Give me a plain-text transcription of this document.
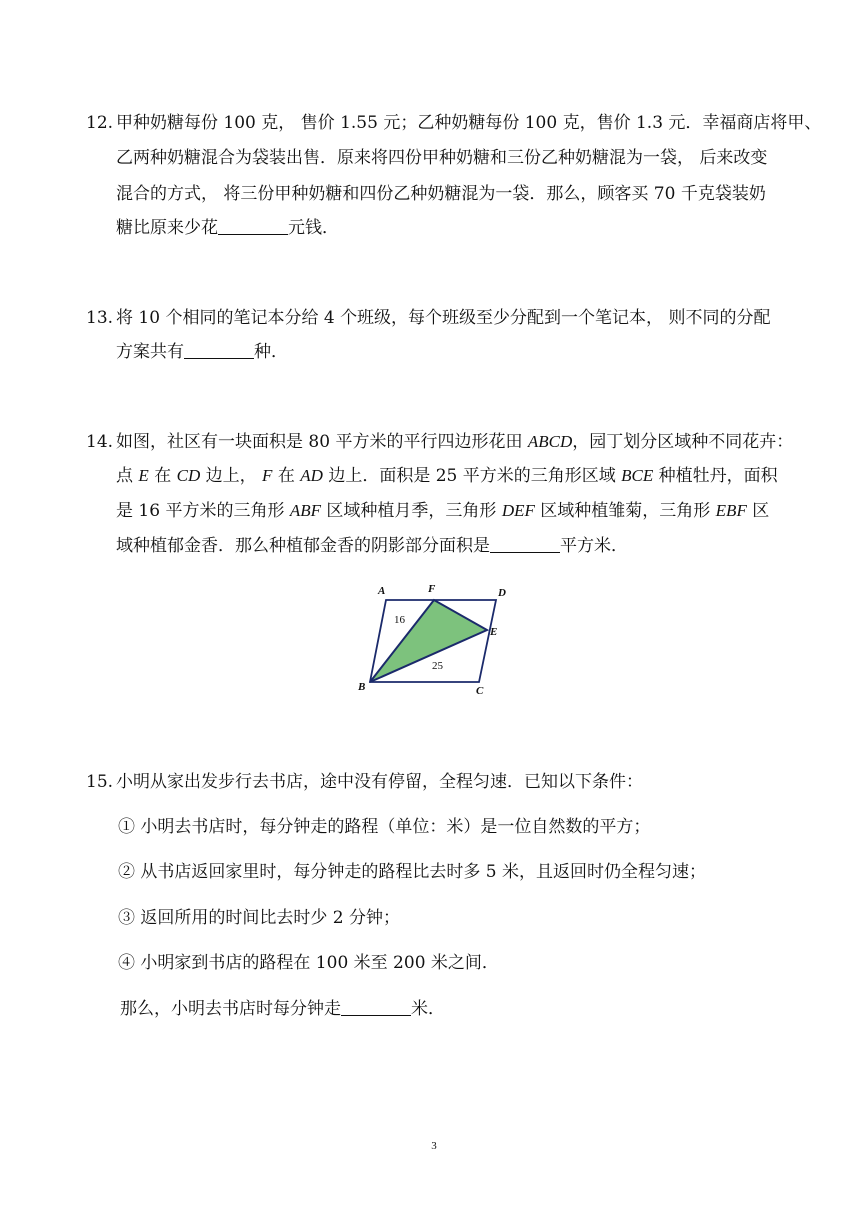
12. 甲种奶糖每份 100 克， 售价 1.55 元；乙种奶糖每份 100 克，售价 1.3 元．幸福商店将甲、
乙两种奶糖混合为袋装出售．原来将四份甲种奶糖和三份乙种奶糖混为一袋， 后来改变
混合的方式， 将三份甲种奶糖和四份乙种奶糖混为一袋．那么，顾客买 70 千克袋装奶
糖比原来少花	元钱．
13. 将 10 个相同的笔记本分给 4 个班级，每个班级至少分配到一个笔记本， 则不同的分配
方案共有	种．
14. 如图，社区有一块面积是 80 平方米的平行四边形花田 ABCD，园丁划分区域种不同花卉：
点 E 在 CD 边上， F 在 AD 边上．面积是 25 平方米的三角形区域 BCE 种植牡丹，面积
是 16 平方米的三角形 ABF 区域种植月季，三角形 DEF 区域种植雏菊，三角形 EBF 区
域种植郁金香．那么种植郁金香的阴影部分面积是	平方米．
A	F	D
E
B	C
16
25
15. 小明从家出发步行去书店，途中没有停留，全程匀速．已知以下条件：
① 小明去书店时，每分钟走的路程（单位：米）是一位自然数的平方；
② 从书店返回家里时，每分钟走的路程比去时多 5 米，且返回时仍全程匀速；
③ 返回所用的时间比去时少 2 分钟；
④ 小明家到书店的路程在 100 米至 200 米之间．
那么，小明去书店时每分钟走	米．
3
